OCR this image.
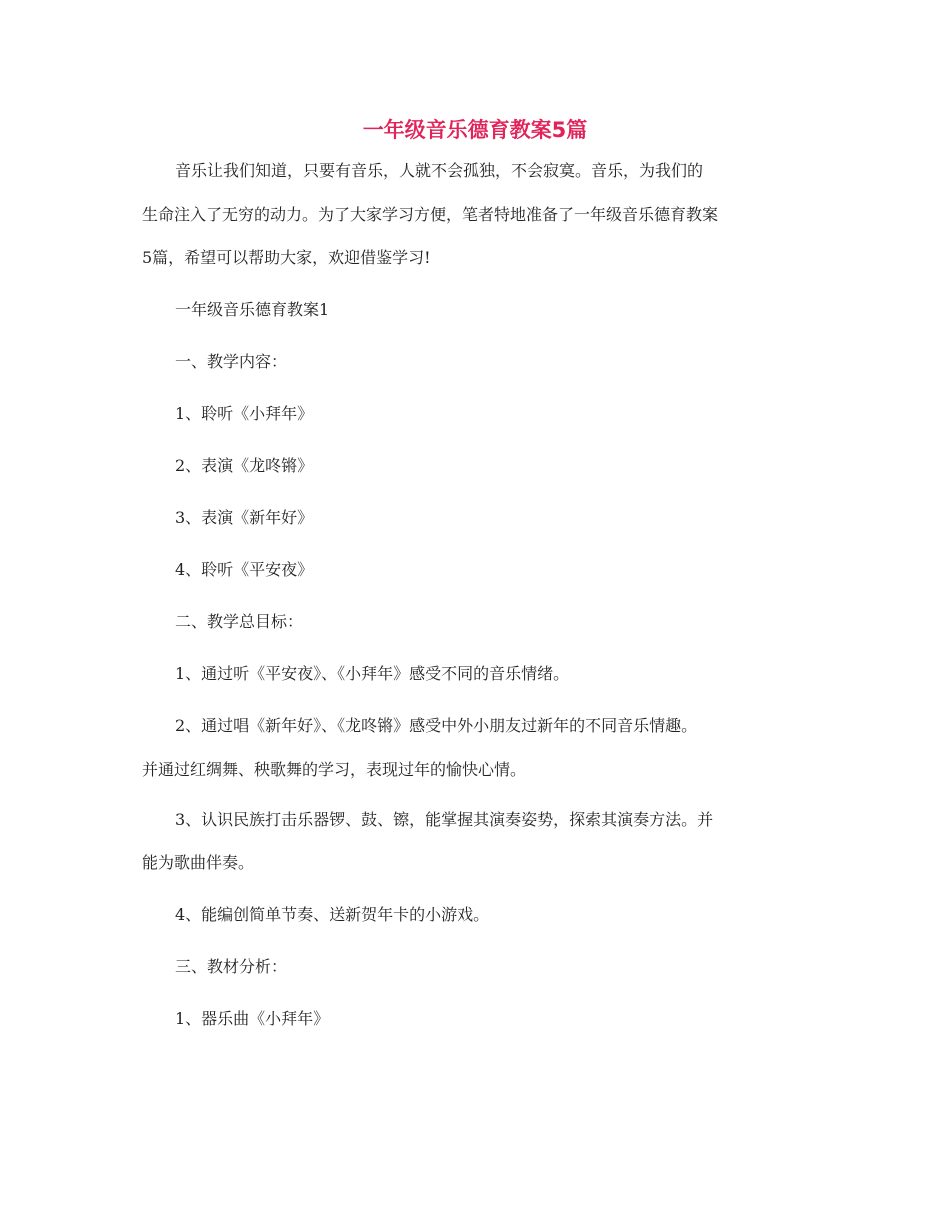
一年级音乐德育教案5篇

音乐让我们知道，只要有音乐，人就不会孤独，不会寂寞。音乐，为我们的

生命注入了无穷的动力。为了大家学习方便，笔者特地准备了一年级音乐德育教案

5篇，希望可以帮助大家，欢迎借鉴学习!

一年级音乐德育教案1

一、教学内容：

1、聆听《小拜年》

2、表演《龙咚锵》

3、表演《新年好》

4、聆听《平安夜》

二、教学总目标：

1、通过听《平安夜》、《小拜年》感受不同的音乐情绪。

2、通过唱《新年好》、《龙咚锵》感受中外小朋友过新年的不同音乐情趣。

并通过红绸舞、秧歌舞的学习，表现过年的愉快心情。

3、认识民族打击乐器锣、鼓、镲，能掌握其演奏姿势，探索其演奏方法。并

能为歌曲伴奏。

4、能编创简单节奏、送新贺年卡的小游戏。

三、教材分析：

1、器乐曲《小拜年》
